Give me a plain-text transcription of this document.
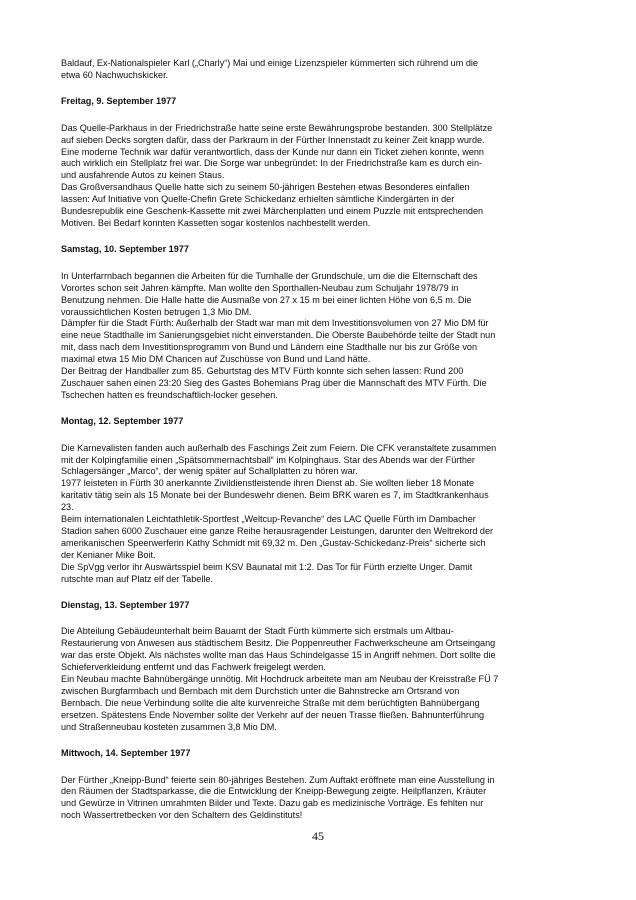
Baldauf, Ex-Nationalspieler Karl („Charly“) Mai und einige Lizenzspieler kümmerten sich rührend um die
etwa 60 Nachwuchskicker.
Freitag, 9. September 1977
Das Quelle-Parkhaus in der Friedrichstraße hatte seine erste Bewährungsprobe bestanden. 300 Stellplätze
auf sieben Decks sorgten dafür, dass der Parkraum in der Fürther Innenstadt zu keiner Zeit knapp wurde.
Eine moderne Technik war dafür verantwortlich, dass der Kunde nur dann ein Ticket ziehen konnte, wenn
auch wirklich ein Stellplatz frei war. Die Sorge war unbegründet: In der Friedrichstraße kam es durch ein-
und ausfahrende Autos zu keinen Staus.
Das Großversandhaus Quelle hatte sich zu seinem 50-jährigen Bestehen etwas Besonderes einfallen
lassen: Auf Initiative von Quelle-Chefin Grete Schickedanz erhielten sämtliche Kindergärten in der
Bundesrepublik eine Geschenk-Kassette mit zwei Märchenplatten und einem Puzzle mit entsprechenden
Motiven. Bei Bedarf konnten Kassetten sogar kostenlos nachbestellt werden.
Samstag, 10. September 1977
In Unterfarrnbach begannen die Arbeiten für die Turnhalle der Grundschule, um die die Elternschaft des
Vorortes schon seit Jahren kämpfte. Man wollte den Sporthallen-Neubau zum Schuljahr 1978/79 in
Benutzung nehmen. Die Halle hatte die Ausmaße von 27 x 15 m bei einer lichten Höhe von 6,5 m. Die
voraussichtlichen Kosten betrugen 1,3 Mio DM.
Dämpfer für die Stadt Fürth: Außerhalb der Stadt war man mit dem Investitionsvolumen von 27 Mio DM für
eine neue Stadthalle im Sanierungsgebiet nicht einverstanden. Die Oberste Baubehörde teilte der Stadt nun
mit, dass nach dem Investitionsprogramm von Bund und Ländern eine Stadthalle nur bis zur Größe von
maximal etwa 15 Mio DM Chancen auf Zuschüsse von Bund und Land hätte.
Der Beitrag der Handballer zum 85. Geburtstag des MTV Fürth konnte sich sehen lassen: Rund 200
Zuschauer sahen einen 23:20 Sieg des Gastes Bohemians Prag über die Mannschaft des MTV Fürth. Die
Tschechen hatten es freundschaftlich-locker gesehen.
Montag, 12. September 1977
Die Karnevalisten fanden auch außerhalb des Faschings Zeit zum Feiern. Die CFK veranstaltete zusammen
mit der Kolpingfamilie einen „Spätsommernachtsball“ im Kolpinghaus. Star des Abends war der Fürther
Schlagersänger „Marco“, der wenig später auf Schallplatten zu hören war.
1977 leisteten in Fürth 30 anerkannte Zivildienstleistende ihren Dienst ab. Sie wollten lieber 18 Monate
karitativ tätig sein als 15 Monate bei der Bundeswehr dienen. Beim BRK waren es 7, im Stadtkrankenhaus
23.
Beim internationalen Leichtathletik-Sportfest „Weltcup-Revanche“ des LAC Quelle Fürth im Dambacher
Stadion sahen 6000 Zuschauer eine ganze Reihe herausragender Leistungen, darunter den Weltrekord der
amerikanischen Speerwerferin Kathy Schmidt mit 69,32 m. Den „Gustav-Schickedanz-Preis“ sicherte sich
der Kenianer Mike Boit.
Die SpVgg verlor ihr Auswärtsspiel beim KSV Baunatal mit 1:2. Das Tor für Fürth erzielte Unger. Damit
rutschte man auf Platz elf der Tabelle.
Dienstag, 13. September 1977
Die Abteilung Gebäudeunterhalt beim Bauamt der Stadt Fürth kümmerte sich erstmals um Altbau-
Restaurierung von Anwesen aus städtischem Besitz. Die Poppenreuther Fachwerkscheune am Ortseingang
war das erste Objekt. Als nächstes wollte man das Haus Schindelgasse 15 in Angriff nehmen. Dort sollte die
Schieferverkleidung entfernt und das Fachwerk freigelegt werden.
Ein Neubau machte Bahnübergänge unnötig. Mit Hochdruck arbeitete man am Neubau der Kreisstraße FÜ 7
zwischen Burgfarrnbach und Bernbach mit dem Durchstich unter die Bahnstrecke am Ortsrand von
Bernbach. Die neue Verbindung sollte die alte kurvenreiche Straße mit dem berüchtigten Bahnübergang
ersetzen. Spätestens Ende November sollte der Verkehr auf der neuen Trasse fließen. Bahnunterführung
und Straßenneubau kosteten zusammen 3,8 Mio DM.
Mittwoch, 14. September 1977
Der Fürther „Kneipp-Bund“ feierte sein 80-jähriges Bestehen. Zum Auftakt eröffnete man eine Ausstellung in
den Räumen der Stadtsparkasse, die die Entwicklung der Kneipp-Bewegung zeigte. Heilpflanzen, Kräuter
und Gewürze in Vitrinen umrahmten Bilder und Texte. Dazu gab es medizinische Vorträge. Es fehlten nur
noch Wassertretbecken vor den Schaltern des Geldinstituts!
45
